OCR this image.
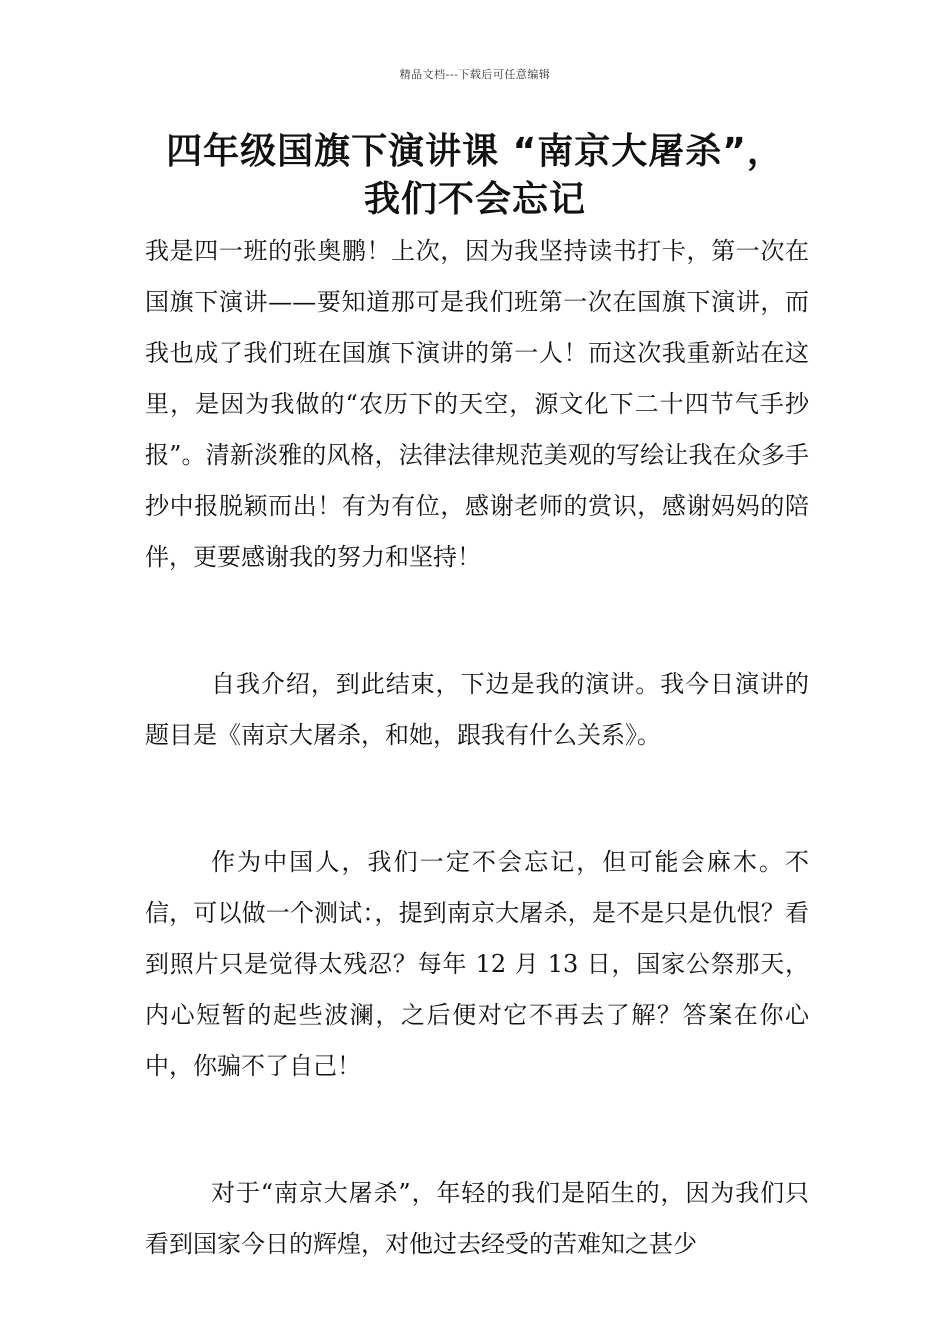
精品文档---下载后可任意编辑
四年级国旗下演讲课 “南京大屠杀”，
我们不会忘记

我是四一班的张奥鹏！上次，因为我坚持读书打卡，第一次在国旗下演讲——要知道那可是我们班第一次在国旗下演讲，而我也成了我们班在国旗下演讲的第一人！而这次我重新站在这里，是因为我做的“农历下的天空，源文化下二十四节气手抄报”。清新淡雅的风格，法律法律规范美观的写绘让我在众多手抄中报脱颖而出！有为有位，感谢老师的赏识，感谢妈妈的陪伴，更要感谢我的努力和坚持！

自我介绍，到此结束，下边是我的演讲。我今日演讲的题目是《南京大屠杀，和她，跟我有什么关系》。

作为中国人，我们一定不会忘记，但可能会麻木。不信，可以做一个测试：，提到南京大屠杀，是不是只是仇恨？看到照片只是觉得太残忍？每年 12 月 13 日，国家公祭那天，内心短暂的起些波澜，之后便对它不再去了解？答案在你心中，你骗不了自己！

对于“南京大屠杀”，年轻的我们是陌生的，因为我们只看到国家今日的辉煌，对他过去经受的苦难知之甚少
